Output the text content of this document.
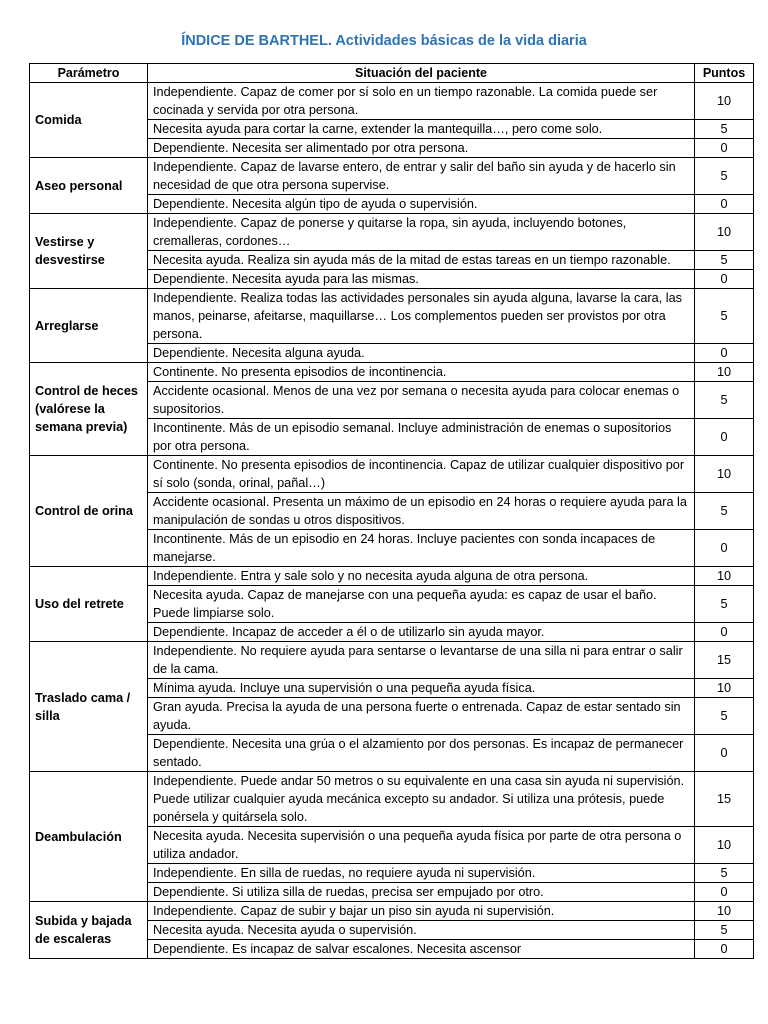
ÍNDICE DE BARTHEL. Actividades básicas de la vida diaria
Parámetro	Situación del paciente	Puntos
Comida	Independiente. Capaz de comer por sí solo en un tiempo razonable. La comida puede ser cocinada y servida por otra persona.	10
	Necesita ayuda para cortar la carne, extender la mantequilla…, pero come solo.	5
	Dependiente. Necesita ser alimentado por otra persona.	0
Aseo personal	Independiente. Capaz de lavarse entero, de entrar y salir del baño sin ayuda y de hacerlo sin necesidad de que otra persona supervise.	5
	Dependiente. Necesita algún tipo de ayuda o supervisión.	0
Vestirse y desvestirse	Independiente. Capaz de ponerse y quitarse la ropa, sin ayuda, incluyendo botones, cremalleras, cordones…	10
	Necesita ayuda. Realiza sin ayuda más de la mitad de estas tareas en un tiempo razonable.	5
	Dependiente. Necesita ayuda para las mismas.	0
Arreglarse	Independiente. Realiza todas las actividades personales sin ayuda alguna, lavarse la cara, las manos, peinarse, afeitarse, maquillarse… Los complementos pueden ser provistos por otra persona.	5
	Dependiente. Necesita alguna ayuda.	0
Control de heces (valórese la semana previa)	Continente. No presenta episodios de incontinencia.	10
	Accidente ocasional. Menos de una vez por semana o necesita ayuda para colocar enemas o supositorios.	5
	Incontinente. Más de un episodio semanal. Incluye administración de enemas o supositorios por otra persona.	0
Control de orina	Continente. No presenta episodios de incontinencia. Capaz de utilizar cualquier dispositivo por sí solo (sonda, orinal, pañal…)	10
	Accidente ocasional. Presenta un máximo de un episodio en 24 horas o requiere ayuda para la manipulación de sondas u otros dispositivos.	5
	Incontinente. Más de un episodio en 24 horas. Incluye pacientes con sonda incapaces de manejarse.	0
Uso del retrete	Independiente. Entra y sale solo y no necesita ayuda alguna de otra persona.	10
	Necesita ayuda. Capaz de manejarse con una pequeña ayuda: es capaz de usar el baño. Puede limpiarse solo.	5
	Dependiente. Incapaz de acceder a él o de utilizarlo sin ayuda mayor.	0
Traslado cama / silla	Independiente. No requiere ayuda para sentarse o levantarse de una silla ni para entrar o salir de la cama.	15
	Mínima ayuda. Incluye una supervisión o una pequeña ayuda física.	10
	Gran ayuda. Precisa la ayuda de una persona fuerte o entrenada. Capaz de estar sentado sin ayuda.	5
	Dependiente. Necesita una grúa o el alzamiento por dos personas. Es incapaz de permanecer sentado.	0
Deambulación	Independiente. Puede andar 50 metros o su equivalente en una casa sin ayuda ni supervisión. Puede utilizar cualquier ayuda mecánica excepto su andador. Si utiliza una prótesis, puede ponérsela y quitársela solo.	15
	Necesita ayuda. Necesita supervisión o una pequeña ayuda física por parte de otra persona o utiliza andador.	10
	Independiente. En silla de ruedas, no requiere ayuda ni supervisión.	5
	Dependiente. Si utiliza silla de ruedas, precisa ser empujado por otro.	0
Subida y bajada de escaleras	Independiente. Capaz de subir y bajar un piso sin ayuda ni supervisión.	10
	Necesita ayuda. Necesita ayuda o supervisión.	5
	Dependiente. Es incapaz de salvar escalones. Necesita ascensor	0
